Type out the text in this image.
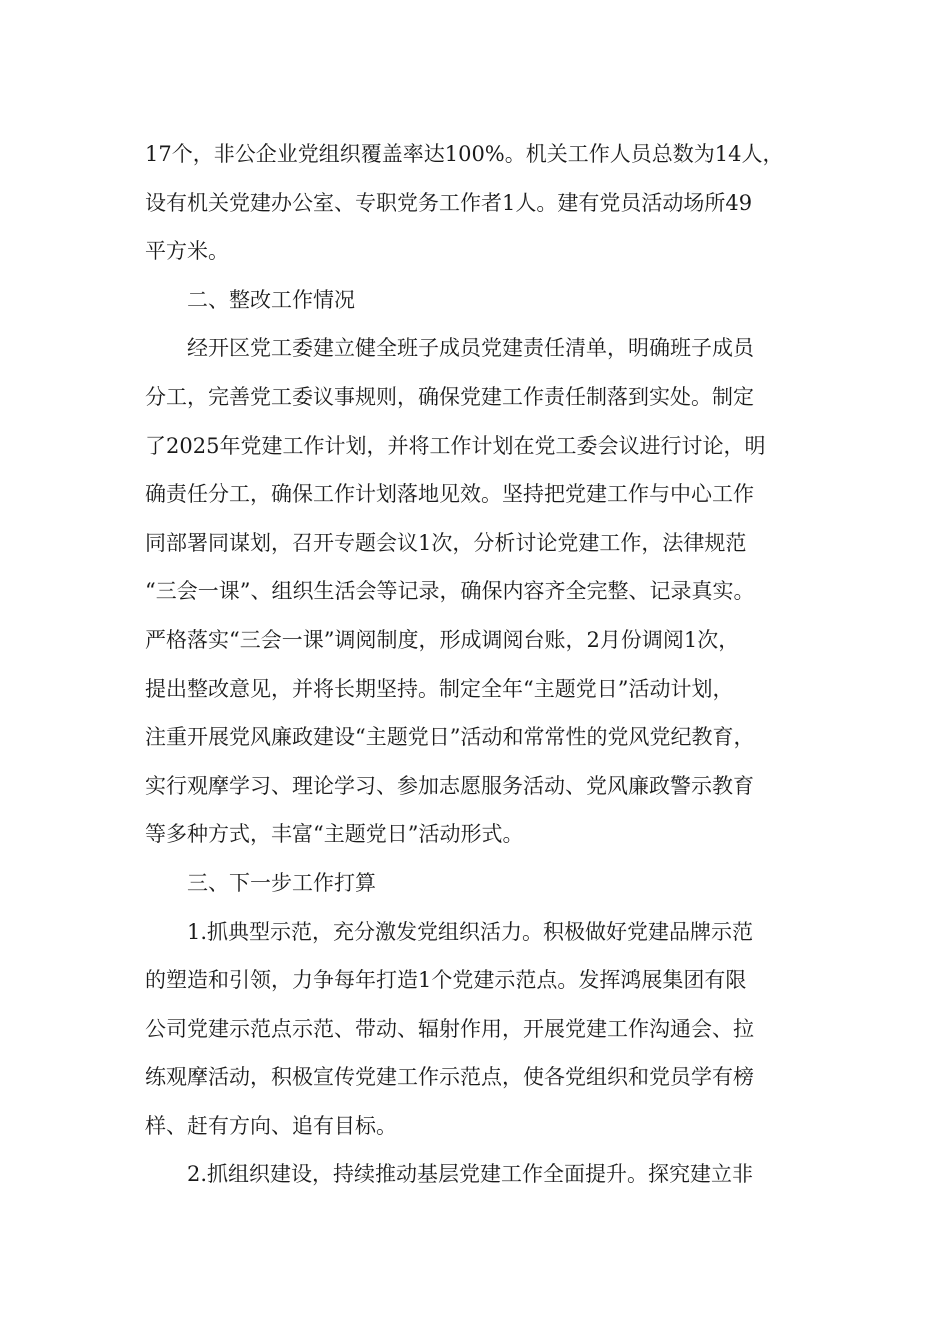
17个，非公企业党组织覆盖率达100%。机关工作人员总数为14人，
设有机关党建办公室、专职党务工作者1人。建有党员活动场所49
平方米。
二、整改工作情况
经开区党工委建立健全班子成员党建责任清单，明确班子成员
分工，完善党工委议事规则，确保党建工作责任制落到实处。制定
了2025年党建工作计划，并将工作计划在党工委会议进行讨论，明
确责任分工，确保工作计划落地见效。坚持把党建工作与中心工作
同部署同谋划，召开专题会议1次，分析讨论党建工作，法律规范
“三会一课”、组织生活会等记录，确保内容齐全完整、记录真实。
严格落实“三会一课”调阅制度，形成调阅台账，2月份调阅1次，
提出整改意见，并将长期坚持。制定全年“主题党日”活动计划，
注重开展党风廉政建设“主题党日”活动和常常性的党风党纪教育，
实行观摩学习、理论学习、参加志愿服务活动、党风廉政警示教育
等多种方式，丰富“主题党日”活动形式。
三、下一步工作打算
1.抓典型示范，充分激发党组织活力。积极做好党建品牌示范
的塑造和引领，力争每年打造1个党建示范点。发挥鸿展集团有限
公司党建示范点示范、带动、辐射作用，开展党建工作沟通会、拉
练观摩活动，积极宣传党建工作示范点，使各党组织和党员学有榜
样、赶有方向、追有目标。
2.抓组织建设，持续推动基层党建工作全面提升。探究建立非
